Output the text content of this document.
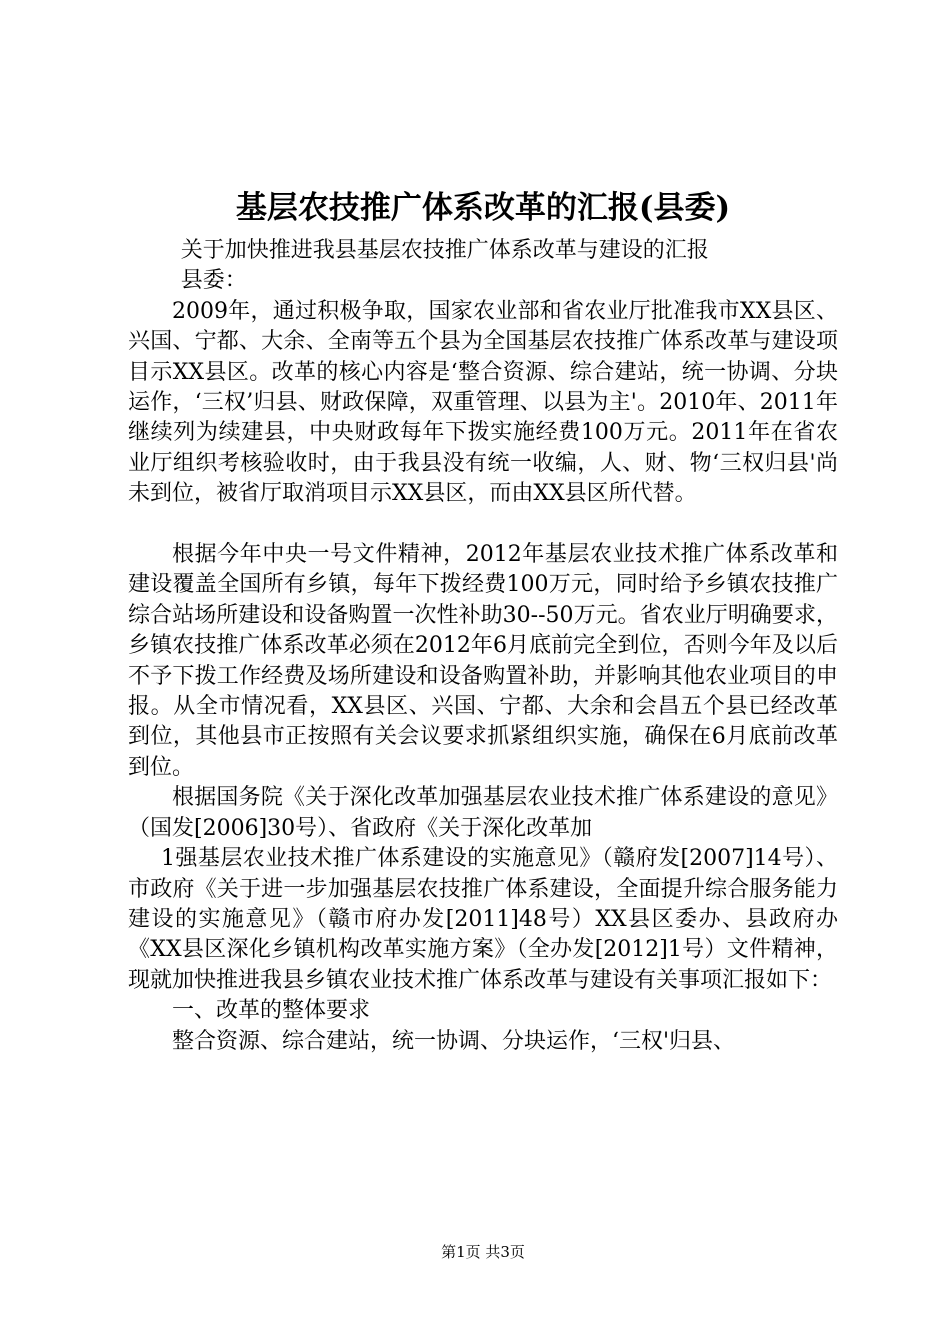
基层农技推广体系改革的汇报(县委)

关于加快推进我县基层农技推广体系改革与建设的汇报

县委：

2009年，通过积极争取，国家农业部和省农业厅批准我市XX县区、兴国、宁都、大余、全南等五个县为全国基层农技推广体系改革与建设项目示XX县区。改革的核心内容是‘整合资源、综合建站，统一协调、分块运作，‘三权’归县、财政保障，双重管理、以县为主'。2010年、2011年继续列为续建县，中央财政每年下拨实施经费100万元。2011年在省农业厅组织考核验收时，由于我县没有统一收编，人、财、物‘三权归县'尚未到位，被省厅取消项目示XX县区，而由XX县区所代替。

根据今年中央一号文件精神，2012年基层农业技术推广体系改革和建设覆盖全国所有乡镇，每年下拨经费100万元，同时给予乡镇农技推广综合站场所建设和设备购置一次性补助30--50万元。省农业厅明确要求，乡镇农技推广体系改革必须在2012年6月底前完全到位，否则今年及以后不予下拨工作经费及场所建设和设备购置补助，并影响其他农业项目的申报。从全市情况看，XX县区、兴国、宁都、大余和会昌五个县已经改革到位，其他县市正按照有关会议要求抓紧组织实施，确保在6月底前改革到位。

根据国务院《关于深化改革加强基层农业技术推广体系建设的意见》（国发[2006]30号）、省政府《关于深化改革加

1强基层农业技术推广体系建设的实施意见》（赣府发[2007]14号）、市政府《关于进一步加强基层农技推广体系建设，全面提升综合服务能力建设的实施意见》（赣市府办发[2011]48号）XX县区委办、县政府办《XX县区深化乡镇机构改革实施方案》（全办发[2012]1号）文件精神，现就加快推进我县乡镇农业技术推广体系改革与建设有关事项汇报如下：

一、改革的整体要求

整合资源、综合建站，统一协调、分块运作，‘三权'归县、

第1页 共3页
